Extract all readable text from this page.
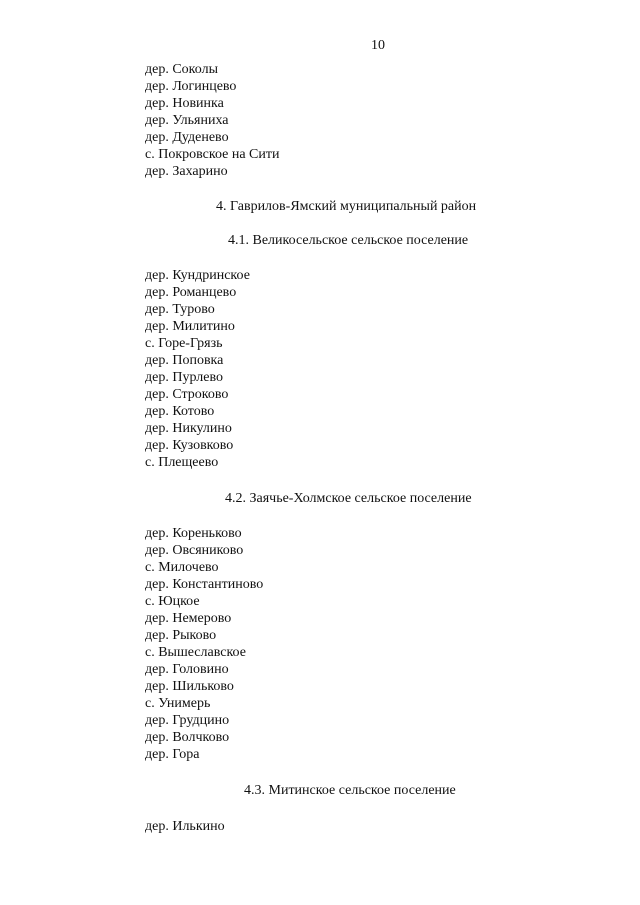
10
дер. Соколы
дер. Логинцево
дер. Новинка
дер. Ульяниха
дер. Дуденево
с. Покровское на Сити
дер. Захарино
4. Гаврилов-Ямский муниципальный район
4.1. Великосельское сельское поселение
дер. Кундринское
дер. Романцево
дер. Турово
дер. Милитино
с. Горе-Грязь
дер. Поповка
дер. Пурлево
дер. Строково
дер. Котово
дер. Никулино
дер. Кузовково
с. Плещеево
4.2. Заячье-Холмское сельское поселение
дер. Кореньково
дер. Овсяниково
с. Милочево
дер. Константиново
с. Юцкое
дер. Немерово
дер. Рыково
с. Вышеславское
дер. Головино
дер. Шильково
с. Унимерь
дер. Грудцино
дер. Волчково
дер. Гора
4.3. Митинское сельское поселение
дер. Илькино
